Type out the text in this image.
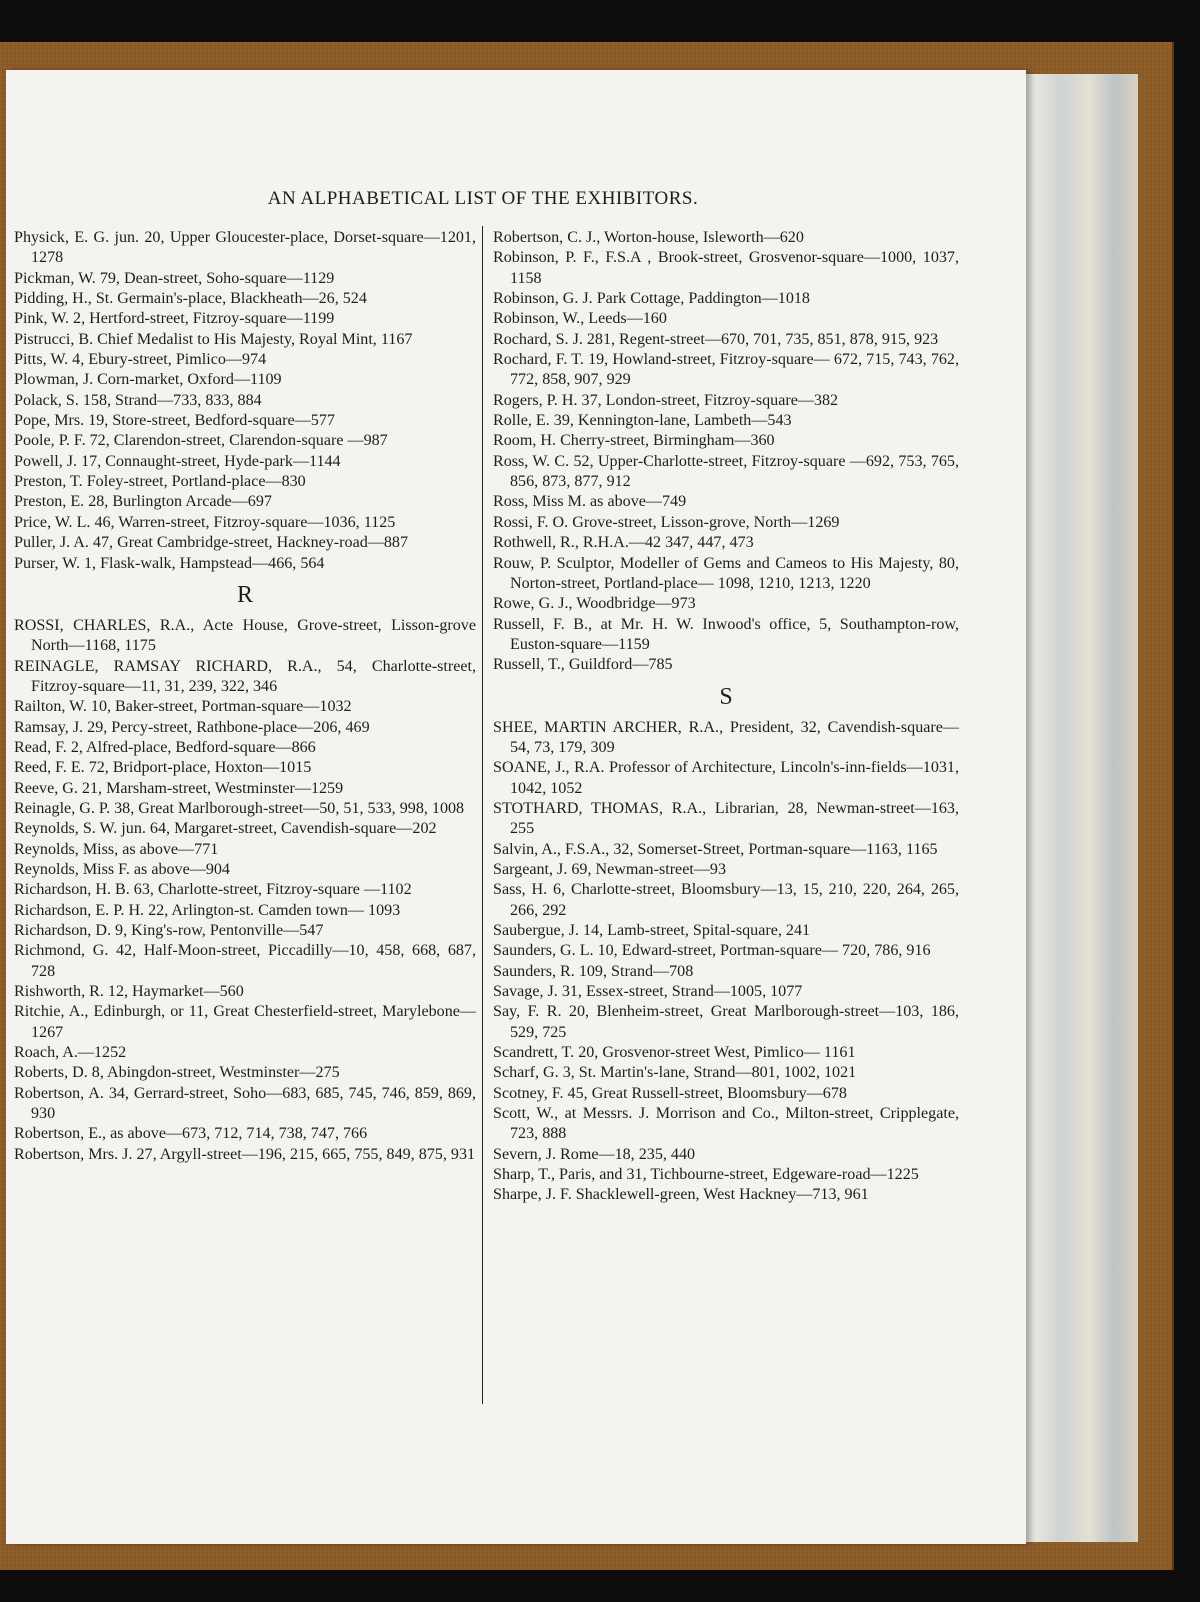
AN ALPHABETICAL LIST OF THE EXHIBITORS.

Physick, E. G. jun. 20, Upper Gloucester-place, Dorset-square—1201, 1278

Pickman, W. 79, Dean-street, Soho-square—1129

Pidding, H., St. Germain's-place, Blackheath—26, 524

Pink, W. 2, Hertford-street, Fitzroy-square—1199

Pistrucci, B. Chief Medalist to His Majesty, Royal Mint, 1167

Pitts, W. 4, Ebury-street, Pimlico—974

Plowman, J. Corn-market, Oxford—1109

Polack, S. 158, Strand—733, 833, 884

Pope, Mrs. 19, Store-street, Bedford-square—577

Poole, P. F. 72, Clarendon-street, Clarendon-square —987

Powell, J. 17, Connaught-street, Hyde-park—1144

Preston, T. Foley-street, Portland-place—830

Preston, E. 28, Burlington Arcade—697

Price, W. L. 46, Warren-street, Fitzroy-square—1036, 1125

Puller, J. A. 47, Great Cambridge-street, Hackney-road—887

Purser, W. 1, Flask-walk, Hampstead—466, 564

R

ROSSI, CHARLES, R.A., Acte House, Grove-street, Lisson-grove North—1168, 1175

REINAGLE, RAMSAY RICHARD, R.A., 54, Charlotte-street, Fitzroy-square—11, 31, 239, 322, 346

Railton, W. 10, Baker-street, Portman-square—1032

Ramsay, J. 29, Percy-street, Rathbone-place—206, 469

Read, F. 2, Alfred-place, Bedford-square—866

Reed, F. E. 72, Bridport-place, Hoxton—1015

Reeve, G. 21, Marsham-street, Westminster—1259

Reinagle, G. P. 38, Great Marlborough-street—50, 51, 533, 998, 1008

Reynolds, S. W. jun. 64, Margaret-street, Cavendish-square—202

Reynolds, Miss, as above—771

Reynolds, Miss F. as above—904

Richardson, H. B. 63, Charlotte-street, Fitzroy-square —1102

Richardson, E. P. H. 22, Arlington-st. Camden town— 1093

Richardson, D. 9, King's-row, Pentonville—547

Richmond, G. 42, Half-Moon-street, Piccadilly—10, 458, 668, 687, 728

Rishworth, R. 12, Haymarket—560

Ritchie, A., Edinburgh, or 11, Great Chesterfield-street, Marylebone—1267

Roach, A.—1252

Roberts, D. 8, Abingdon-street, Westminster—275

Robertson, A. 34, Gerrard-street, Soho—683, 685, 745, 746, 859, 869, 930

Robertson, E., as above—673, 712, 714, 738, 747, 766

Robertson, Mrs. J. 27, Argyll-street—196, 215, 665, 755, 849, 875, 931

Robertson, C. J., Worton-house, Isleworth—620

Robinson, P. F., F.S.A , Brook-street, Grosvenor-square—1000, 1037, 1158

Robinson, G. J. Park Cottage, Paddington—1018

Robinson, W., Leeds—160

Rochard, S. J. 281, Regent-street—670, 701, 735, 851, 878, 915, 923

Rochard, F. T. 19, Howland-street, Fitzroy-square— 672, 715, 743, 762, 772, 858, 907, 929

Rogers, P. H. 37, London-street, Fitzroy-square—382

Rolle, E. 39, Kennington-lane, Lambeth—543

Room, H. Cherry-street, Birmingham—360

Ross, W. C. 52, Upper-Charlotte-street, Fitzroy-square —692, 753, 765, 856, 873, 877, 912

Ross, Miss M. as above—749

Rossi, F. O. Grove-street, Lisson-grove, North—1269

Rothwell, R., R.H.A.—42 347, 447, 473

Rouw, P. Sculptor, Modeller of Gems and Cameos to His Majesty, 80, Norton-street, Portland-place— 1098, 1210, 1213, 1220

Rowe, G. J., Woodbridge—973

Russell, F. B., at Mr. H. W. Inwood's office, 5, Southampton-row, Euston-square—1159

Russell, T., Guildford—785

S

SHEE, MARTIN ARCHER, R.A., President, 32, Cavendish-square—54, 73, 179, 309

SOANE, J., R.A. Professor of Architecture, Lincoln's-inn-fields—1031, 1042, 1052

STOTHARD, THOMAS, R.A., Librarian, 28, Newman-street—163, 255

Salvin, A., F.S.A., 32, Somerset-Street, Portman-square—1163, 1165

Sargeant, J. 69, Newman-street—93

Sass, H. 6, Charlotte-street, Bloomsbury—13, 15, 210, 220, 264, 265, 266, 292

Saubergue, J. 14, Lamb-street, Spital-square, 241

Saunders, G. L. 10, Edward-street, Portman-square— 720, 786, 916

Saunders, R. 109, Strand—708

Savage, J. 31, Essex-street, Strand—1005, 1077

Say, F. R. 20, Blenheim-street, Great Marlborough-street—103, 186, 529, 725

Scandrett, T. 20, Grosvenor-street West, Pimlico— 1161

Scharf, G. 3, St. Martin's-lane, Strand—801, 1002, 1021

Scotney, F. 45, Great Russell-street, Bloomsbury—678

Scott, W., at Messrs. J. Morrison and Co., Milton-street, Cripplegate, 723, 888

Severn, J. Rome—18, 235, 440

Sharp, T., Paris, and 31, Tichbourne-street, Edgeware-road—1225

Sharpe, J. F. Shacklewell-green, West Hackney—713, 961
